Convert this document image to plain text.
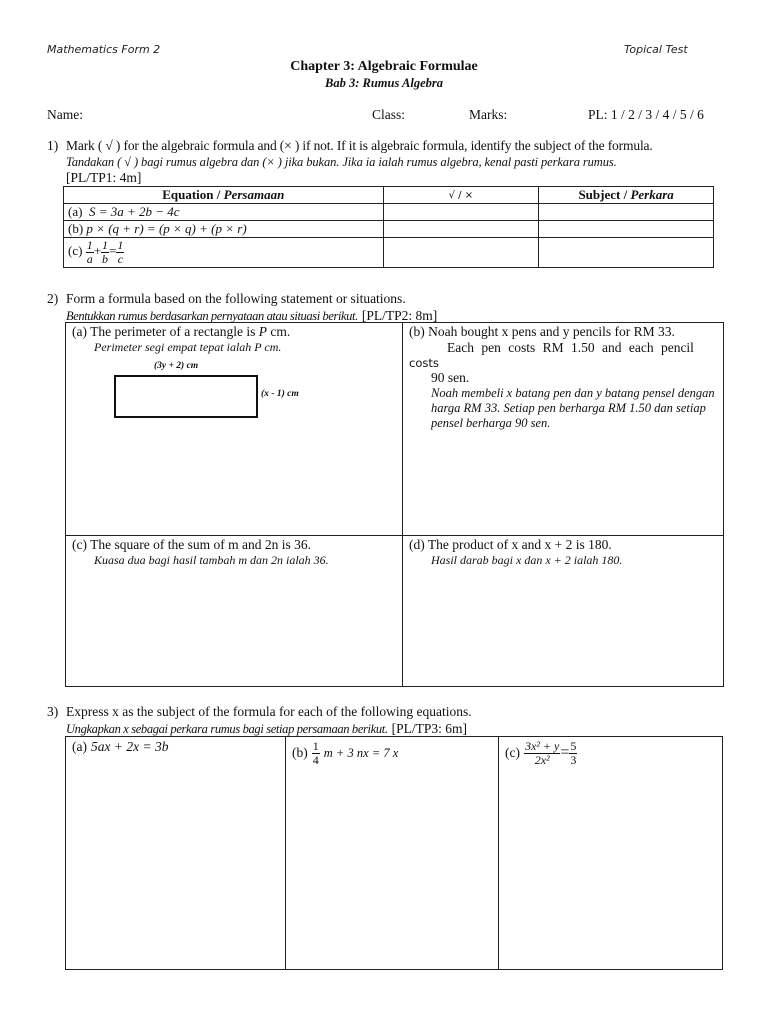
Mathematics Form 2	Topical Test
Chapter 3: Algebraic Formulae
Bab 3: Rumus Algebra
Name:	Class:	Marks:	PL: 1 / 2 / 3 / 4 / 5 / 6
1) Mark ( √ ) for the algebraic formula and (× ) if not. If it is algebraic formula, identify the subject of the formula.
Tandakan ( √ ) bagi rumus algebra dan (× ) jika bukan. Jika ia ialah rumus algebra, kenal pasti perkara rumus.
[PL/TP1: 4m]
Equation / Persamaan	√ / ×	Subject / Perkara
(a) S = 3a + 2b − 4c		
(b) p × (q + r) = (p × q) + (p × r)		
$(c) \frac{1}{a} + \frac{1}{b} = \frac{1}{c}$

2) Form a formula based on the following statement or situations.
Bentukkan rumus berdasarkan pernyataan atau situasi berikut. [PL/TP2: 8m]
(a) The perimeter of a rectangle is P cm.
Perimeter segi empat tepat ialah P cm.
(3y + 2) cm
(x - 1) cm
(b) Noah bought x pens and y pencils for RM 33.
Each pen costs RM 1.50 and each pencil
costs
90 sen.
Noah membeli x batang pen dan y batang pensel dengan harga RM 33. Setiap pen berharga RM 1.50 dan setiap pensel berharga 90 sen.
(c) The square of the sum of m and 2n is 36.
Kuasa dua bagi hasil tambah m dan 2n ialah 36.
(d) The product of x and x + 2 is 180.
Hasil darab bagi x dan x + 2 ialah 180.
3) Express x as the subject of the formula for each of the following equations.
Ungkapkan x sebagai perkara rumus bagi setiap persamaan berikut. [PL/TP3: 6m]
(a) 5ax + 2x = 3b	$(b) \frac{1}{4}$ m + 3 nx = 7 x	$(c) \frac{\text{3x² + y}}{\text{2x²}} = \frac{5}{3}$
